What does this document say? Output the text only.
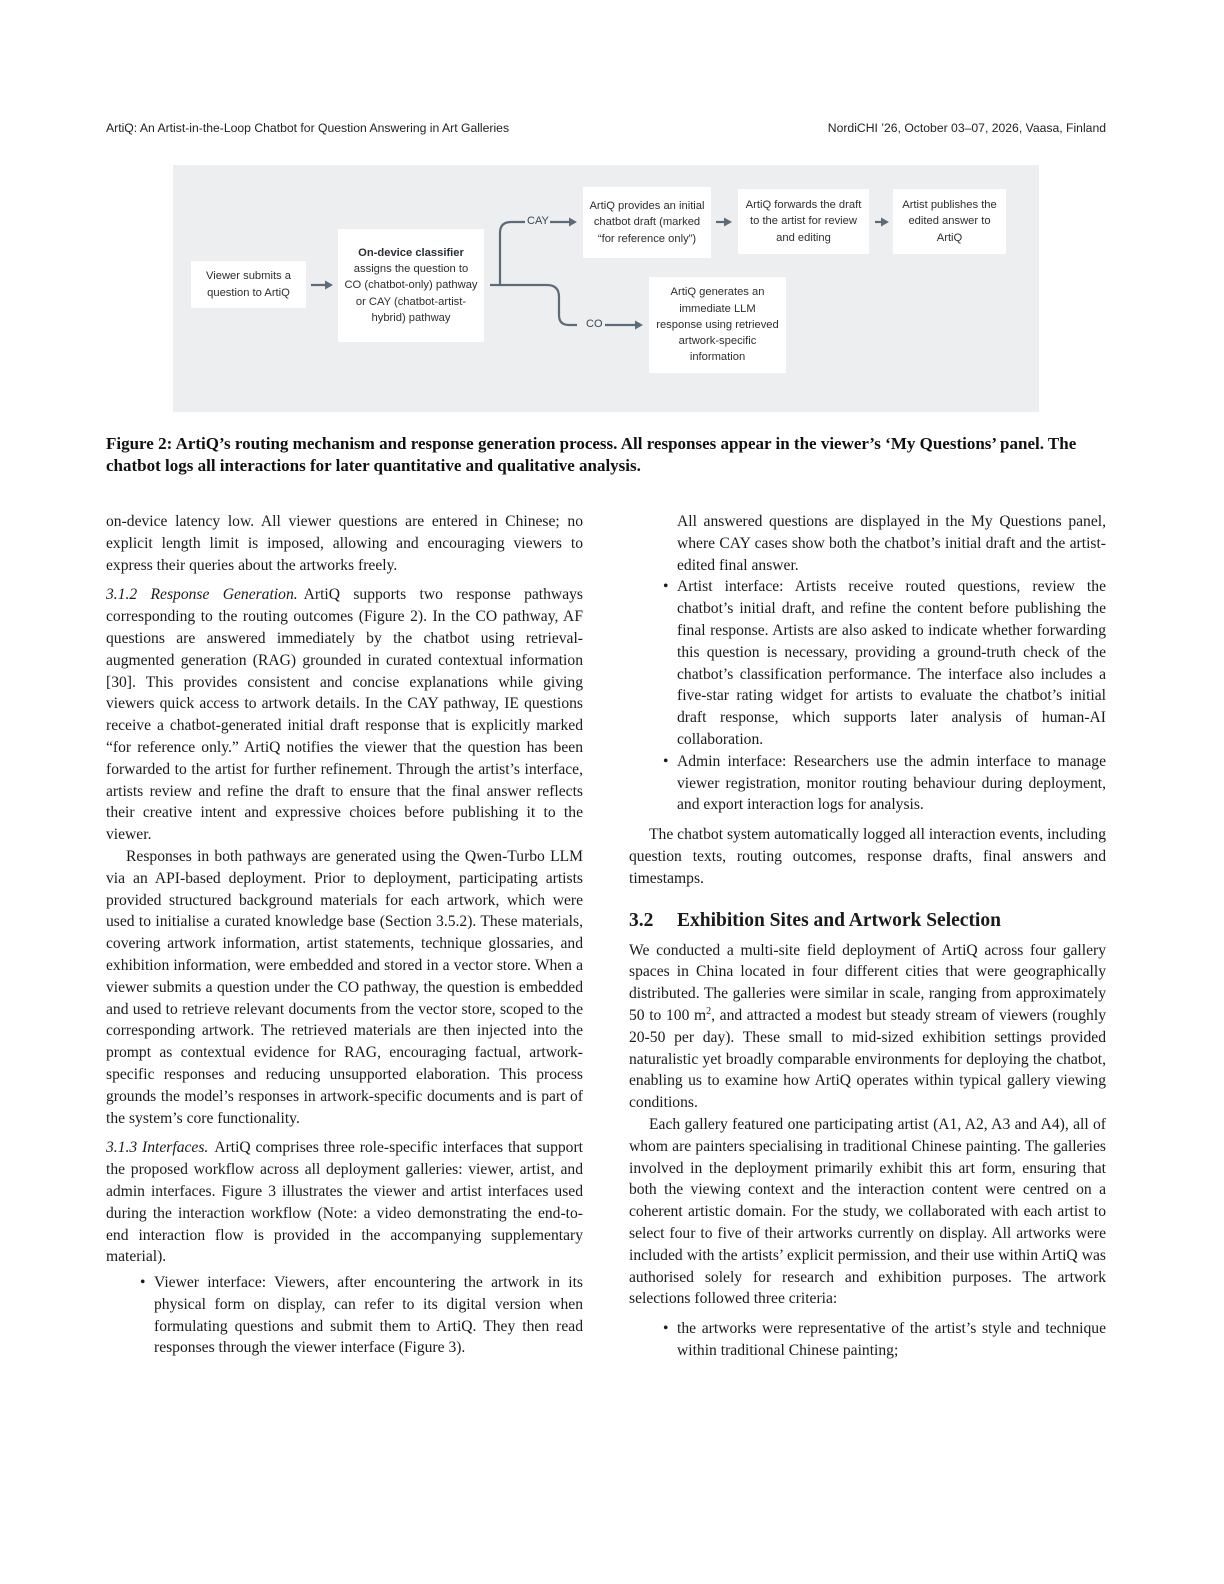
ArtiQ: An Artist-in-the-Loop Chatbot for Question Answering in Art Galleries	NordiCHI ’26, October 03–07, 2026, Vaasa, Finland
Viewer submits a question to ArtiQ
On-device classifier
assigns the question to CO (chatbot-only) pathway or CAY (chatbot-artist-hybrid) pathway
ArtiQ provides an initial chatbot draft (marked “for reference only”)
ArtiQ forwards the draft to the artist for review and editing
Artist publishes the edited answer to ArtiQ
ArtiQ generates an immediate LLM response using retrieved artwork-specific information
CAY
CO
Figure 2: ArtiQ’s routing mechanism and response generation process. All responses appear in the viewer’s ‘My Questions’ panel. The chatbot logs all interactions for later quantitative and qualitative analysis.

on-device latency low. All viewer questions are entered in Chinese; no explicit length limit is imposed, allowing and encouraging viewers to express their queries about the artworks freely.

3.1.2 Response Generation. ArtiQ supports two response pathways corresponding to the routing outcomes (Figure 2). In the CO pathway, AF questions are answered immediately by the chatbot using retrieval-augmented generation (RAG) grounded in curated contextual information [30]. This provides consistent and concise explanations while giving viewers quick access to artwork details. In the CAY pathway, IE questions receive a chatbot-generated initial draft response that is explicitly marked “for reference only.” ArtiQ notifies the viewer that the question has been forwarded to the artist for further refinement. Through the artist’s interface, artists review and refine the draft to ensure that the final answer reflects their creative intent and expressive choices before publishing it to the viewer.

Responses in both pathways are generated using the Qwen-Turbo LLM via an API-based deployment. Prior to deployment, participating artists provided structured background materials for each artwork, which were used to initialise a curated knowledge base (Section 3.5.2). These materials, covering artwork information, artist statements, technique glossaries, and exhibition information, were embedded and stored in a vector store. When a viewer submits a question under the CO pathway, the question is embedded and used to retrieve relevant documents from the vector store, scoped to the corresponding artwork. The retrieved materials are then injected into the prompt as contextual evidence for RAG, encouraging factual, artwork-specific responses and reducing unsupported elaboration. This process grounds the model’s responses in artwork-specific documents and is part of the system’s core functionality.

3.1.3 Interfaces. ArtiQ comprises three role-specific interfaces that support the proposed workflow across all deployment galleries: viewer, artist, and admin interfaces. Figure 3 illustrates the viewer and artist interfaces used during the interaction workflow (Note: a video demonstrating the end-to-end interaction flow is provided in the accompanying supplementary material).

• Viewer interface: Viewers, after encountering the artwork in its physical form on display, can refer to its digital version when formulating questions and submit them to ArtiQ. They then read responses through the viewer interface (Figure 3).
All answered questions are displayed in the My Questions panel, where CAY cases show both the chatbot’s initial draft and the artist-edited final answer.
• Artist interface: Artists receive routed questions, review the chatbot’s initial draft, and refine the content before publishing the final response. Artists are also asked to indicate whether forwarding this question is necessary, providing a ground-truth check of the chatbot’s classification performance. The interface also includes a five-star rating widget for artists to evaluate the chatbot’s initial draft response, which supports later analysis of human-AI collaboration.
• Admin interface: Researchers use the admin interface to manage viewer registration, monitor routing behaviour during deployment, and export interaction logs for analysis.

The chatbot system automatically logged all interaction events, including question texts, routing outcomes, response drafts, final answers and timestamps.

3.2 Exhibition Sites and Artwork Selection

We conducted a multi-site field deployment of ArtiQ across four gallery spaces in China located in four different cities that were geographically distributed. The galleries were similar in scale, ranging from approximately 50 to 100 $m^2$, and attracted a modest but steady stream of viewers (roughly 20-50 per day). These small to mid-sized exhibition settings provided naturalistic yet broadly comparable environments for deploying the chatbot, enabling us to examine how ArtiQ operates within typical gallery viewing conditions.

Each gallery featured one participating artist (A1, A2, A3 and A4), all of whom are painters specialising in traditional Chinese painting. The galleries involved in the deployment primarily exhibit this art form, ensuring that both the viewing context and the interaction content were centred on a coherent artistic domain. For the study, we collaborated with each artist to select four to five of their artworks currently on display. All artworks were included with the artists’ explicit permission, and their use within ArtiQ was authorised solely for research and exhibition purposes. The artwork selections followed three criteria:

• the artworks were representative of the artist’s style and technique within traditional Chinese painting;
